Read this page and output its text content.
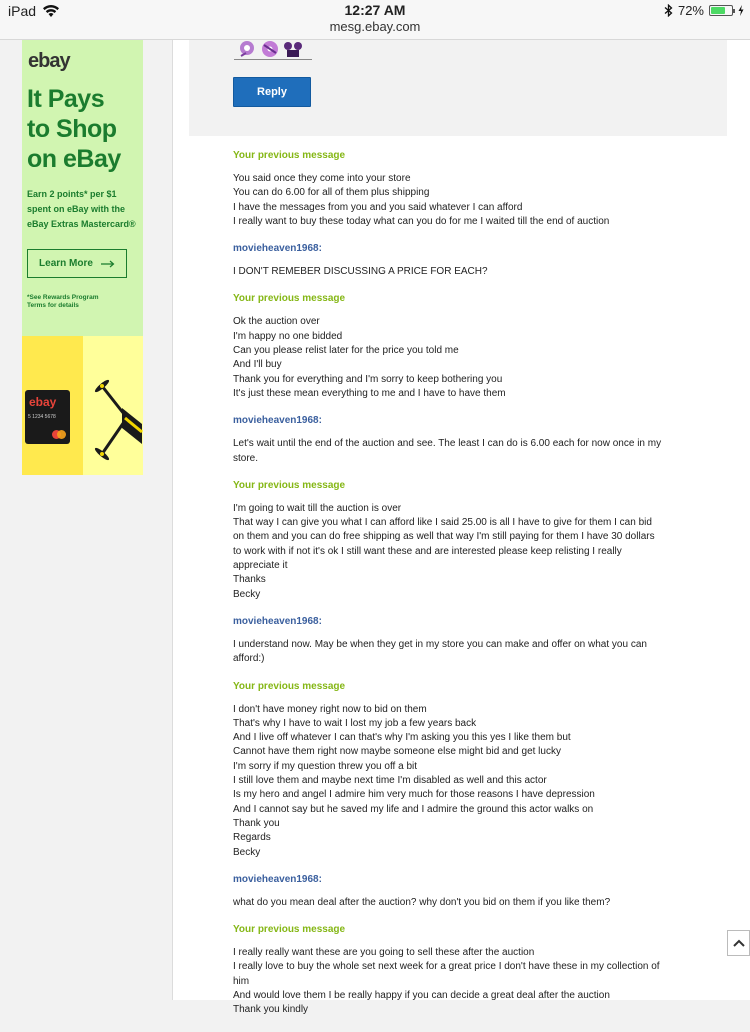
iPad	12:27 AM
mesg.ebay.com
72%
ebay
It Pays
to Shop
on eBay
Earn 2 points* per $1
spent on eBay with the
eBay Extras Mastercard®
Learn More
*See Rewards Program
Terms for details
ebay
5 1234 5678
Reply
Your previous message
You said once they come into your store
You can do 6.00 for all of them plus shipping
I have the messages from you and you said whatever I can afford
I really want to buy these today what can you do for me I waited till the end of auction
movieheaven1968:
I DON'T REMEBER DISCUSSING A PRICE FOR EACH?
Your previous message
Ok the auction over
I'm happy no one bidded
Can you please relist later for the price you told me
And I'll buy
Thank you for everything and I'm sorry to keep bothering you
It's just these mean everything to me and I have to have them
movieheaven1968:
Let's wait until the end of the auction and see. The least I can do is 6.00 each for now once in my
store.
Your previous message
I'm going to wait till the auction is over
That way I can give you what I can afford like I said 25.00 is all I have to give for them I can bid
on them and you can do free shipping as well that way I'm still paying for them I have 30 dollars
to work with if not it's ok I still want these and are interested please keep relisting I really
appreciate it
Thanks
Becky
movieheaven1968:
I understand now. May be when they get in my store you can make and offer on what you can
afford:)
Your previous message
I don't have money right now to bid on them
That's why I have to wait I lost my job a few years back
And I live off whatever I can that's why I'm asking you this yes I like them but
Cannot have them right now maybe someone else might bid and get lucky
I'm sorry if my question threw you off a bit
I still love them and maybe next time I'm disabled as well and this actor
Is my hero and angel I admire him very much for those reasons I have depression
And I cannot say but he saved my life and I admire the ground this actor walks on
Thank you
Regards
Becky
movieheaven1968:
what do you mean deal after the auction? why don't you bid on them if you like them?
Your previous message
I really really want these are you going to sell these after the auction
I really love to buy the whole set next week for a great price I don't have these in my collection of
him
And would love them I be really happy if you can decide a great deal after the auction
Thank you kindly
